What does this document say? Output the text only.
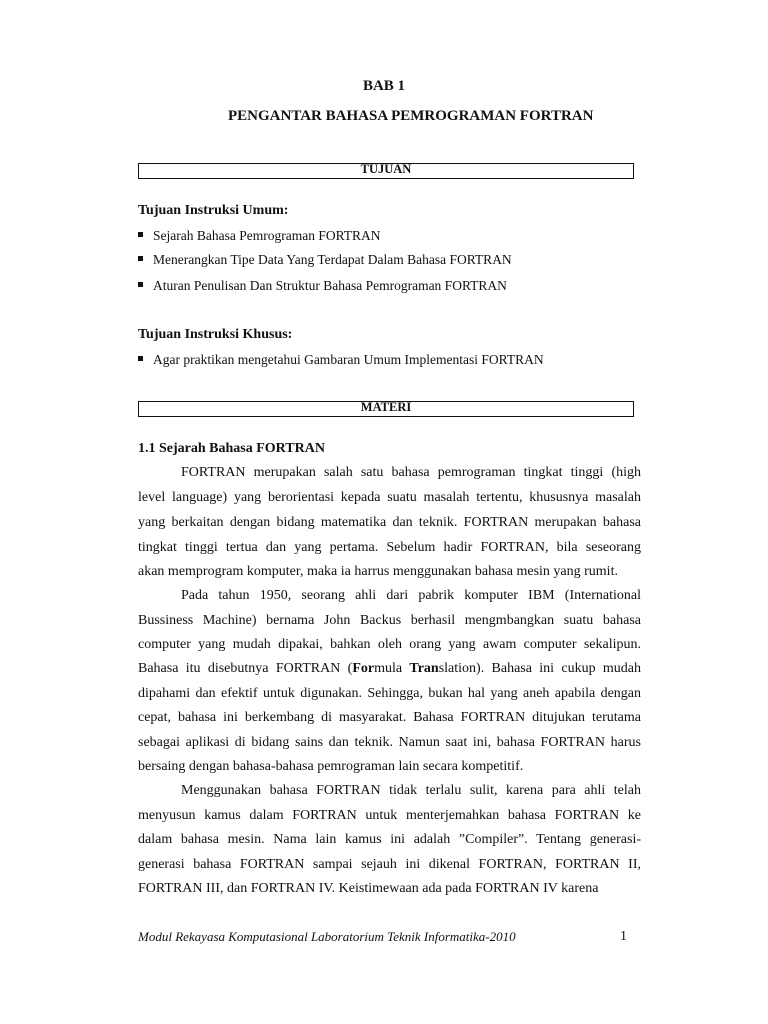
BAB 1
PENGANTAR BAHASA PEMROGRAMAN FORTRAN
TUJUAN
Tujuan Instruksi Umum:
Sejarah Bahasa Pemrograman FORTRAN
Menerangkan Tipe Data Yang Terdapat Dalam Bahasa FORTRAN
Aturan Penulisan Dan Struktur Bahasa Pemrograman FORTRAN
Tujuan Instruksi Khusus:
Agar praktikan mengetahui Gambaran Umum Implementasi FORTRAN
MATERI
1.1 Sejarah Bahasa FORTRAN
FORTRAN merupakan salah satu bahasa pemrograman tingkat tinggi (high
level language) yang berorientasi kepada suatu masalah tertentu, khususnya masalah
yang berkaitan dengan bidang matematika dan teknik. FORTRAN merupakan bahasa
tingkat tinggi tertua dan yang pertama. Sebelum hadir FORTRAN, bila seseorang
akan memprogram komputer, maka ia harrus menggunakan bahasa mesin yang rumit.
Pada tahun 1950, seorang ahli dari pabrik komputer IBM (International
Bussiness Machine) bernama John Backus berhasil mengmbangkan suatu bahasa
computer yang mudah dipakai, bahkan oleh orang yang awam computer sekalipun.
Bahasa itu disebutnya FORTRAN (Formula Translation). Bahasa ini cukup mudah
dipahami dan efektif untuk digunakan. Sehingga, bukan hal yang aneh apabila dengan
cepat, bahasa ini berkembang di masyarakat. Bahasa FORTRAN ditujukan terutama
sebagai aplikasi di bidang sains dan teknik. Namun saat ini, bahasa FORTRAN harus
bersaing dengan bahasa-bahasa pemrograman lain secara kompetitif.
Menggunakan bahasa FORTRAN tidak terlalu sulit, karena para ahli telah
menyusun kamus dalam FORTRAN untuk menterjemahkan bahasa FORTRAN ke
dalam bahasa mesin. Nama lain kamus ini adalah ”Compiler”. Tentang generasi-
generasi bahasa FORTRAN sampai sejauh ini dikenal FORTRAN, FORTRAN II,
FORTRAN III, dan FORTRAN IV. Keistimewaan ada pada FORTRAN IV karena
Modul Rekayasa Komputasional Laboratorium Teknik Informatika-2010	1
